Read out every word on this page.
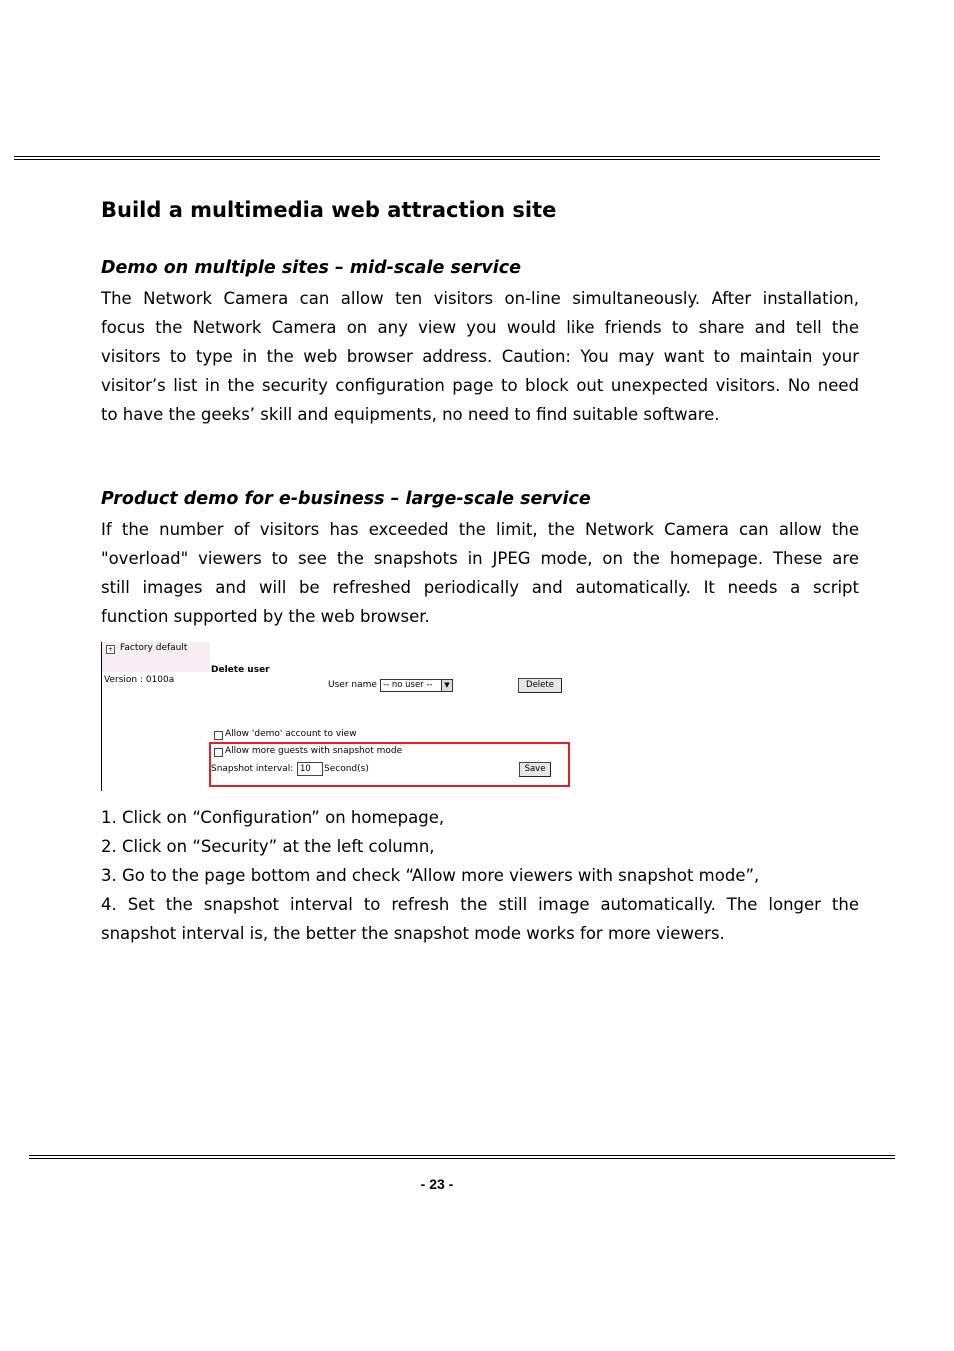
Build a multimedia web attraction site
Demo on multiple sites – mid-scale service

The Network Camera can allow ten visitors on-line simultaneously. After installation,

focus the Network Camera on any view you would like friends to share and tell the

visitors to type in the web browser address. Caution: You may want to maintain your

visitor’s list in the security configuration page to block out unexpected visitors. No need

to have the geeks’ skill and equipments, no need to find suitable software.

Product demo for e-business – large-scale service

If the number of visitors has exceeded the limit, the Network Camera can allow the

"overload" viewers to see the snapshots in JPEG mode, on the homepage. These are

still images and will be refreshed periodically and automatically. It needs a script

function supported by the web browser.

+ Factory default
Version : 0100a
Delete user
User name -- no user --	▼	Delete
Allow 'demo' account to view
Allow more guests with snapshot mode
Snapshot interval: 10	Second(s)	Save

1. Click on “Configuration” on homepage,

2. Click on “Security” at the left column,

3. Go to the page bottom and check “Allow more viewers with snapshot mode”,

4. Set the snapshot interval to refresh the still image automatically. The longer the

snapshot interval is, the better the snapshot mode works for more viewers.

- 23 -
